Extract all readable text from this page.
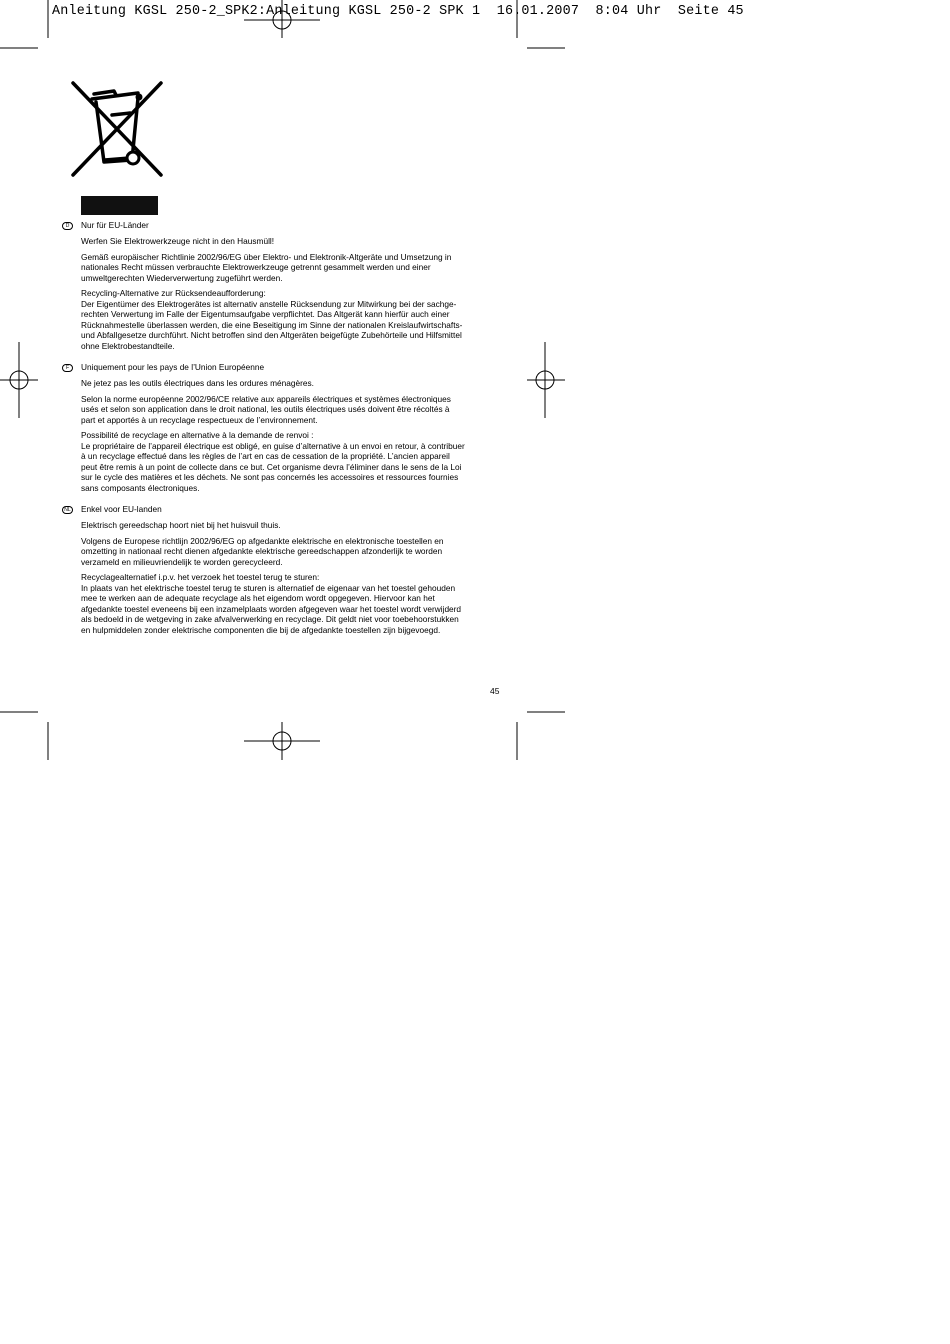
Anleitung KGSL 250-2_SPK2:Anleitung KGSL 250-2 SPK 1  16.01.2007  8:04 Uhr  Seite 45
D	Nur für EU-Länder
Werfen Sie Elektrowerkzeuge nicht in den Hausmüll!
Gemäß europäischer Richtlinie 2002/96/EG über Elektro- und Elektronik-Altgeräte und Umsetzung in
nationales Recht müssen verbrauchte Elektrowerkzeuge getrennt gesammelt werden und einer
umweltgerechten Wiederverwertung zugeführt werden.
Recycling-Alternative zur Rücksendeaufforderung:
Der Eigentümer des Elektrogerätes ist alternativ anstelle Rücksendung zur Mitwirkung bei der sachge-
rechten Verwertung im Falle der Eigentumsaufgabe verpflichtet. Das Altgerät kann hierfür auch einer
Rücknahmestelle überlassen werden, die eine Beseitigung im Sinne der nationalen Kreislaufwirtschafts-
und Abfallgesetze durchführt. Nicht betroffen sind den Altgeräten beigefügte Zubehörteile und Hilfsmittel
ohne Elektrobestandteile.
F	Uniquement pour les pays de l’Union Européenne
Ne jetez pas les outils électriques dans les ordures ménagères.
Selon la norme européenne 2002/96/CE relative aux appareils électriques et systèmes électroniques
usés et selon son application dans le droit national, les outils électriques usés doivent être récoltés à
part et apportés à un recyclage respectueux de l’environnement.
Possibilité de recyclage en alternative à la demande de renvoi :
Le propriétaire de l’appareil électrique est obligé, en guise d’alternative à un envoi en retour, à contribuer
à un recyclage effectué dans les règles de l’art en cas de cessation de la propriété. L’ancien appareil
peut être remis à un point de collecte dans ce but. Cet organisme devra l’éliminer dans le sens de la Loi
sur le cycle des matières et les déchets. Ne sont pas concernés les accessoires et ressources fournies
sans composants électroniques.
NL Enkel voor EU-landen
Elektrisch gereedschap hoort niet bij het huisvuil thuis.
Volgens de Europese richtlijn 2002/96/EG op afgedankte elektrische en elektronische toestellen en
omzetting in nationaal recht dienen afgedankte elektrische gereedschappen afzonderlijk te worden
verzameld en milieuvriendelijk te worden gerecycleerd.
Recyclagealternatief i.p.v. het verzoek het toestel terug te sturen:
In plaats van het elektrische toestel terug te sturen is alternatief de eigenaar van het toestel gehouden
mee te werken aan de adequate recyclage als het eigendom wordt opgegeven. Hiervoor kan het
afgedankte toestel eveneens bij een inzamelplaats worden afgegeven waar het toestel wordt verwijderd
als bedoeld in de wetgeving in zake afvalverwerking en recyclage. Dit geldt niet voor toebehoorstukken
en hulpmiddelen zonder elektrische componenten die bij de afgedankte toestellen zijn bijgevoegd.
45
